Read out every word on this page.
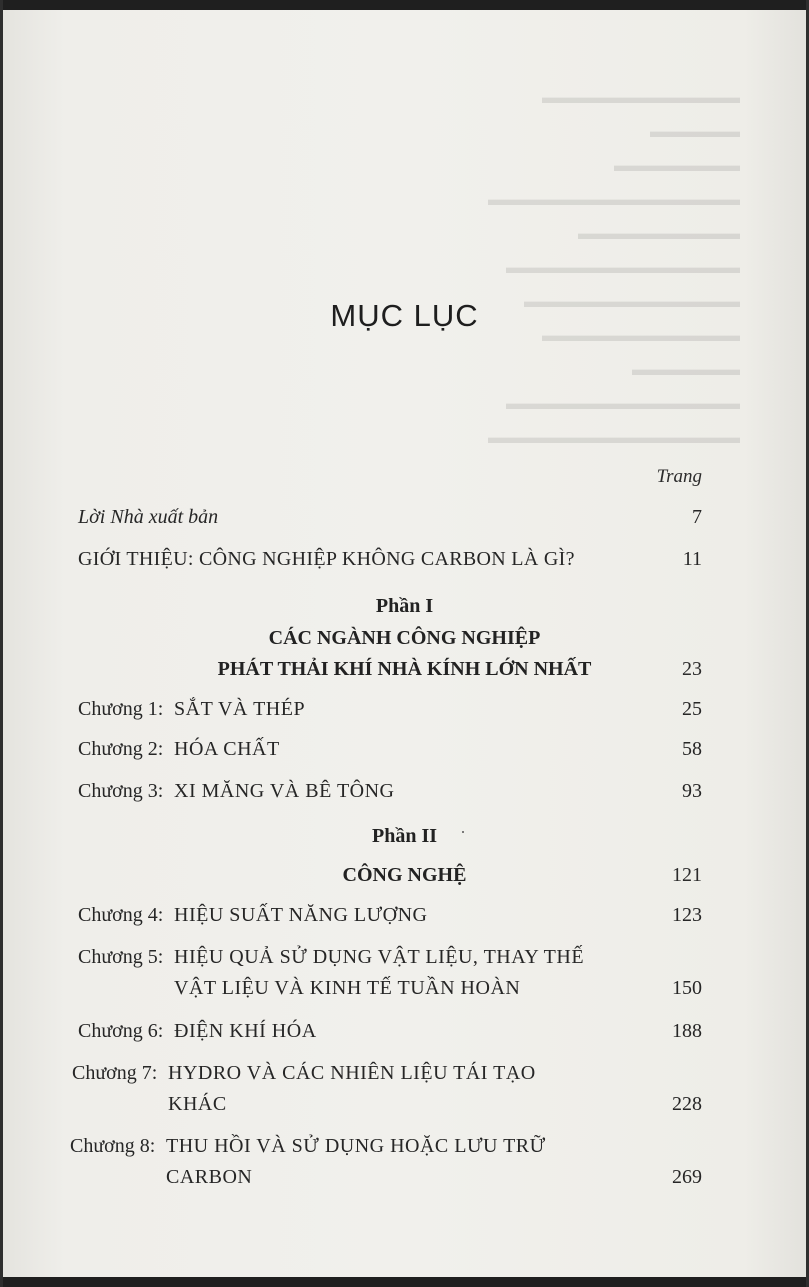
▬▬▬▬▬▬▬▬▬▬▬
▬▬▬▬▬
▬▬▬▬▬▬▬
▬▬▬▬▬▬▬▬▬▬▬▬▬▬
▬▬▬▬▬▬▬▬▬
▬▬▬▬▬▬▬▬▬▬▬▬▬
▬▬▬▬▬▬▬▬▬▬▬▬
▬▬▬▬▬▬▬▬▬▬▬
▬▬▬▬▬▬
▬▬▬▬▬▬▬▬▬▬▬▬▬
▬▬▬▬▬▬▬▬▬▬▬▬▬▬
MỤC LỤC
Trang
Lời Nhà xuất bản	7
GIỚI THIỆU: CÔNG NGHIỆP KHÔNG CARBON LÀ GÌ?	11
Phần I
CÁC NGÀNH CÔNG NGHIỆP
PHÁT THẢI KHÍ NHÀ KÍNH LỚN NHẤT	23
Chương 1: SẮT VÀ THÉP	25
Chương 2: HÓA CHẤT	58
Chương 3: XI MĂNG VÀ BÊ TÔNG	93
Phần II
CÔNG NGHỆ	121
Chương 4: HIỆU SUẤT NĂNG LƯỢNG	123
Chương 5: HIỆU QUẢ SỬ DỤNG VẬT LIỆU, THAY THẾ
VẬT LIỆU VÀ KINH TẾ TUẦN HOÀN	150
Chương 6: ĐIỆN KHÍ HÓA	188
Chương 7: HYDRO VÀ CÁC NHIÊN LIỆU TÁI TẠO
KHÁC	228
Chương 8: THU HỒI VÀ SỬ DỤNG HOẶC LƯU TRỮ
CARBON	269
